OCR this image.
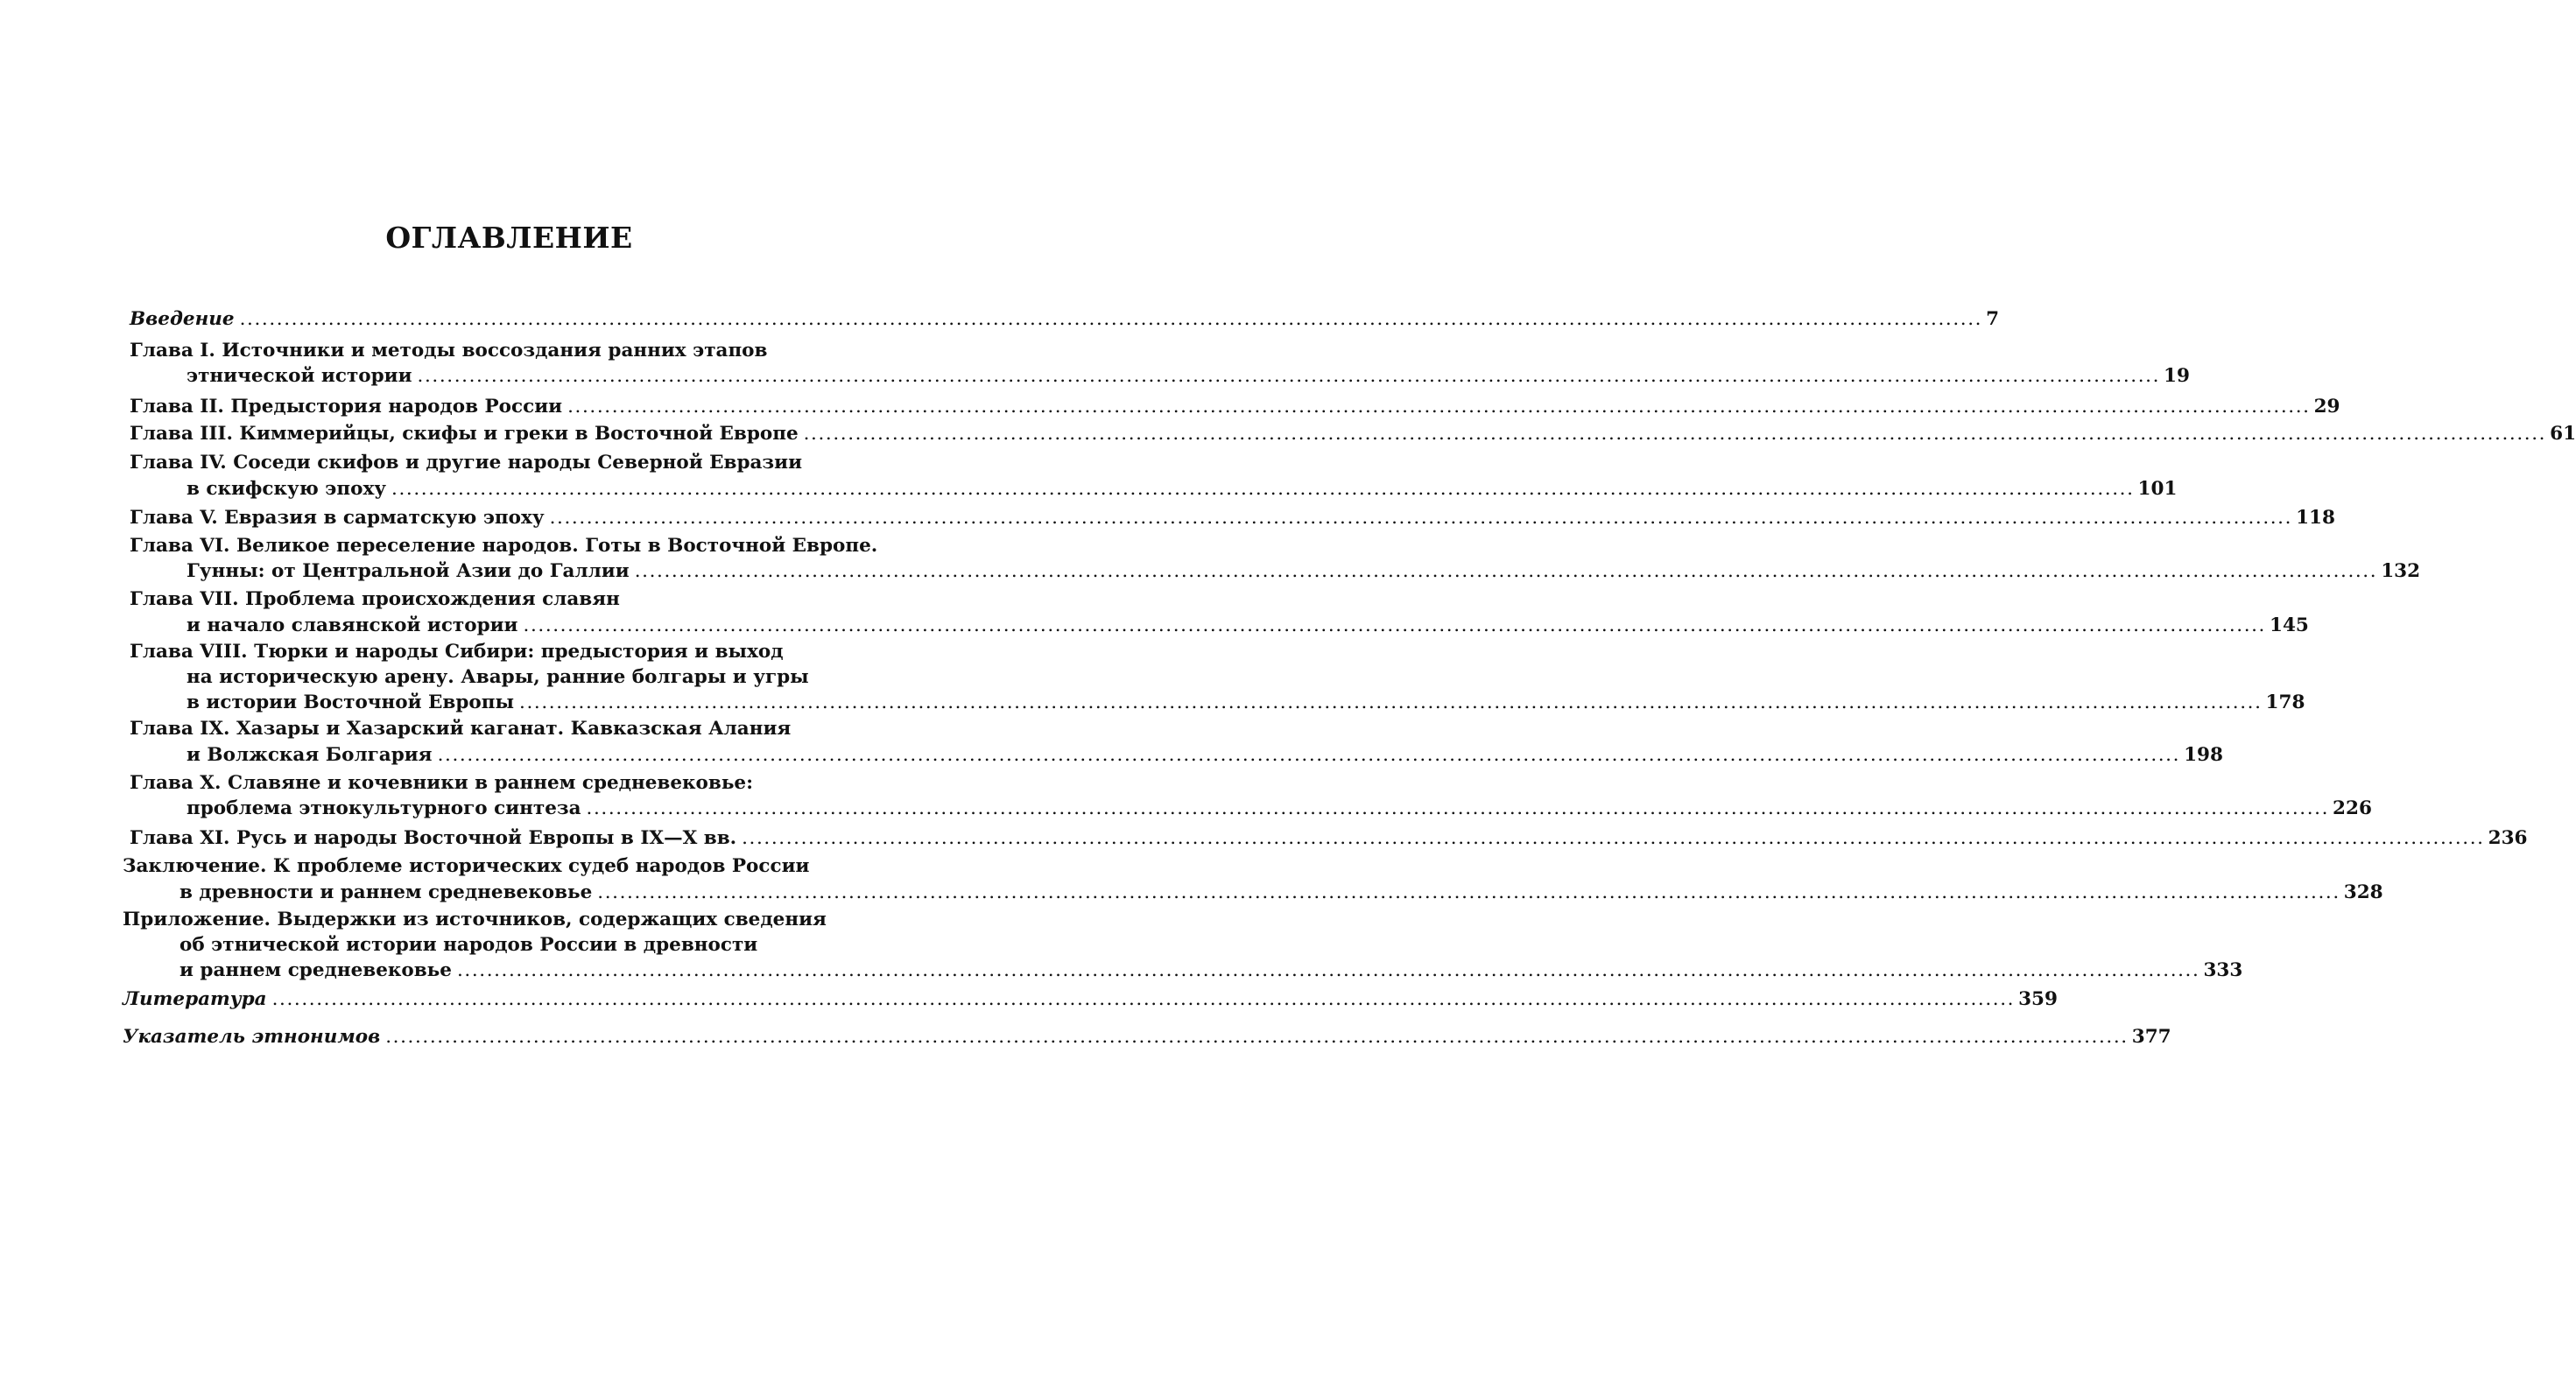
ОГЛАВЛЕНИЕ
Введение ............................................................................................................................................................................................................................................ 7
Глава I. Источники и методы воссоздания ранних этапов
этнической истории ............................................................................................................................................................................................................................................ 19
Глава II. Предыстория народов России ............................................................................................................................................................................................................................................ 29
Глава III. Киммерийцы, скифы и греки в Восточной Европе ............................................................................................................................................................................................................................................ 61
Глава IV. Соседи скифов и другие народы Северной Евразии
в скифскую эпоху ............................................................................................................................................................................................................................................ 101
Глава V. Евразия в сарматскую эпоху ............................................................................................................................................................................................................................................ 118
Глава VI. Великое переселение народов. Готы в Восточной Европе.
Гунны: от Центральной Азии до Галлии ............................................................................................................................................................................................................................................ 132
Глава VII. Проблема происхождения славян
и начало славянской истории ............................................................................................................................................................................................................................................ 145
Глава VIII. Тюрки и народы Сибири: предыстория и выход
на историческую арену. Авары, ранние болгары и угры
в истории Восточной Европы ............................................................................................................................................................................................................................................ 178
Глава IX. Хазары и Хазарский каганат. Кавказская Алания
и Волжская Болгария ............................................................................................................................................................................................................................................ 198
Глава X. Славяне и кочевники в раннем средневековье:
проблема этнокультурного синтеза ............................................................................................................................................................................................................................................ 226
Глава XI. Русь и народы Восточной Европы в IX—X вв. ............................................................................................................................................................................................................................................ 236
Заключение. К проблеме исторических судеб народов России
в древности и раннем средневековье ............................................................................................................................................................................................................................................ 328
Приложение. Выдержки из источников, содержащих сведения
об этнической истории народов России в древности
и раннем средневековье ............................................................................................................................................................................................................................................ 333
Литература ............................................................................................................................................................................................................................................ 359
Указатель этнонимов ............................................................................................................................................................................................................................................ 377
